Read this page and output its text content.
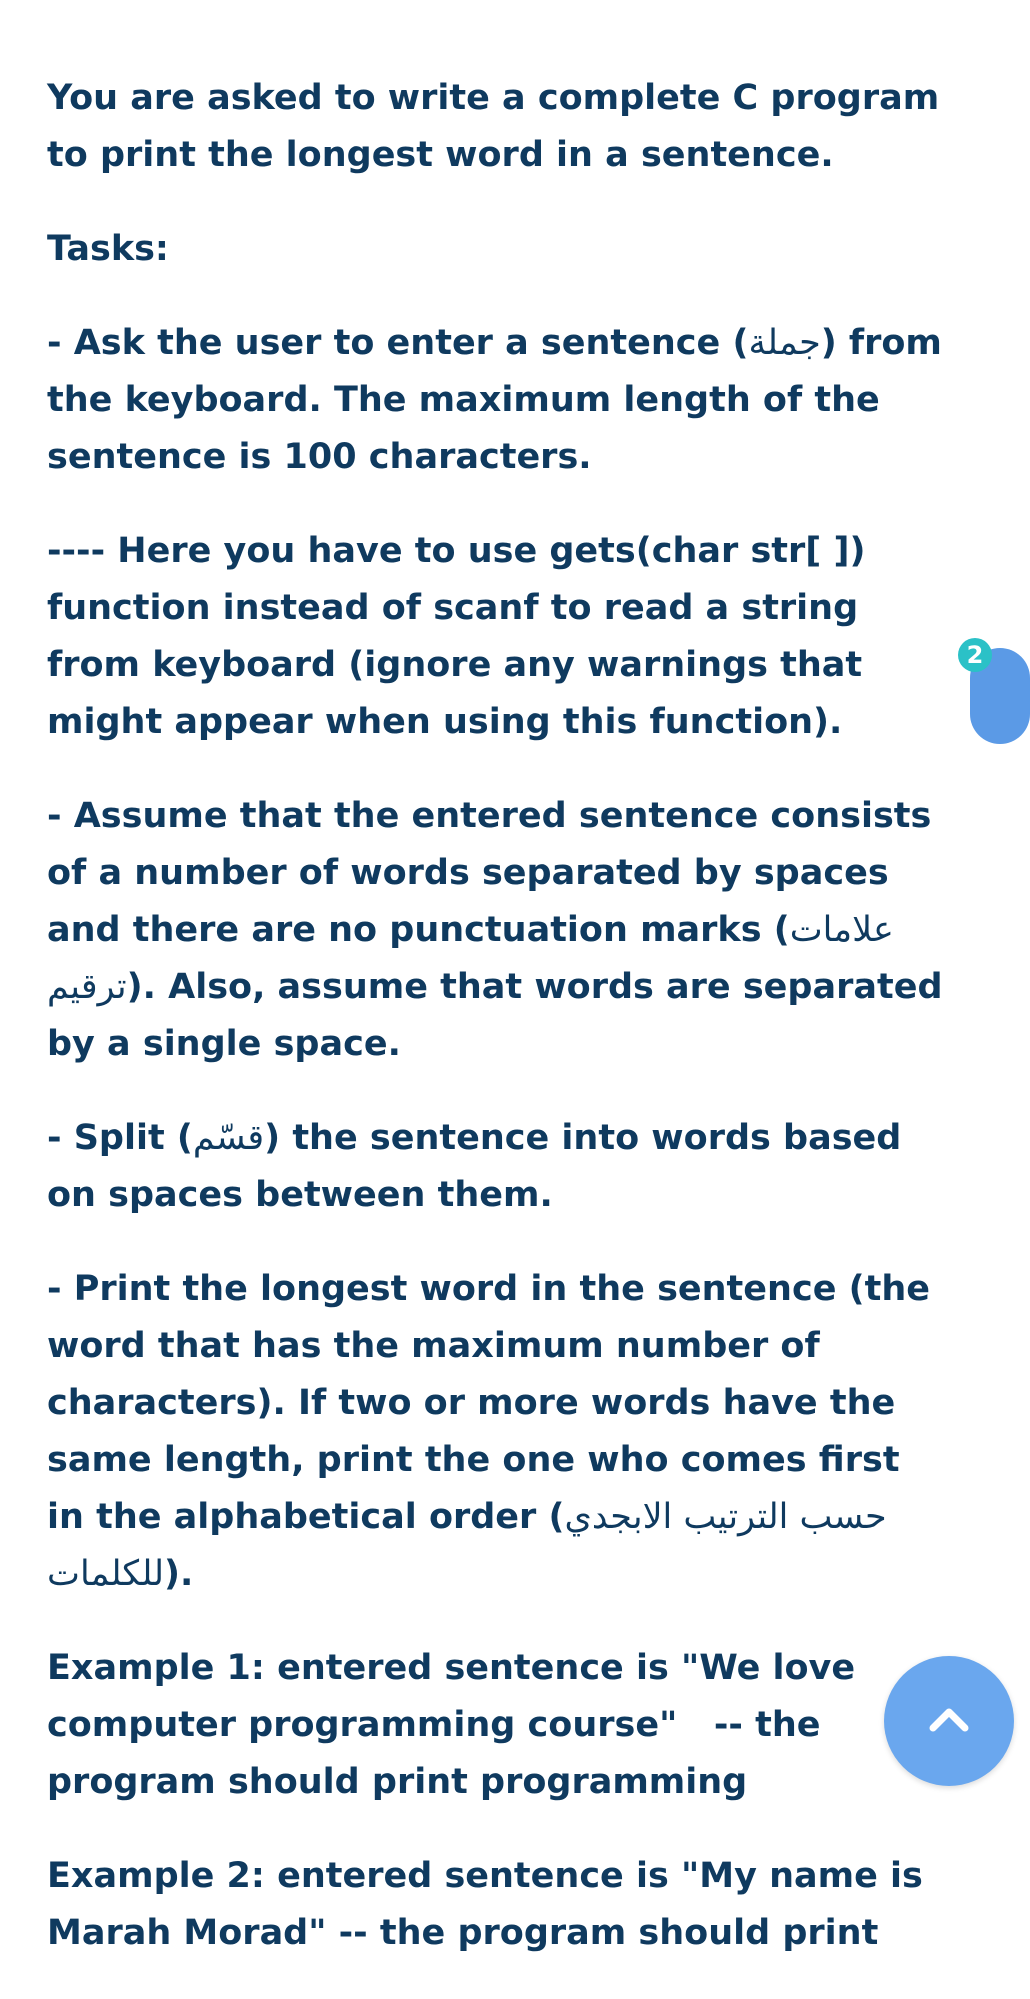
You are asked to write a complete C program to print the longest word in a sentence.

Tasks:

- Ask the user to enter a sentence (جملة) from the keyboard. The maximum length of the sentence is 100 characters.

---- Here you have to use gets(char str[ ]) function instead of scanf to read a string from keyboard (ignore any warnings that might appear when using this function).

- Assume that the entered sentence consists of a number of words separated by spaces and there are no punctuation marks (علامات ترقيم). Also, assume that words are separated by a single space.

- Split (قسّم) the sentence into words based on spaces between them.

- Print the longest word in the sentence (the word that has the maximum number of characters). If two or more words have the same length, print the one who comes first in the alphabetical order (حسب الترتيب الابجدي للكلمات).

Example 1: entered sentence is "We love computer programming course"   -- the program should print programming

Example 2: entered sentence is "My name is Marah Morad" -- the program should print

2
